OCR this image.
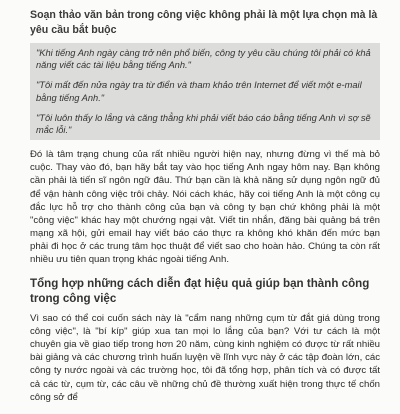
Soạn thảo văn bản trong công việc không phải là một lựa chọn mà là yêu cầu bắt buộc

"Khi tiếng Anh ngày càng trở nên phổ biến, công ty yêu cầu chúng tôi phải có khả năng viết các tài liệu bằng tiếng Anh."

"Tôi mất đến nửa ngày tra từ điển và tham khảo trên Internet để viết một e-mail bằng tiếng Anh."

"Tôi luôn thấy lo lắng và căng thẳng khi phải viết báo cáo bằng tiếng Anh vì sợ sẽ mắc lỗi."

Đó là tâm trạng chung của rất nhiều người hiện nay, nhưng đừng vì thế mà bỏ cuộc. Thay vào đó, bạn hãy bắt tay vào học tiếng Anh ngay hôm nay. Bạn không cần phải là tiến sĩ ngôn ngữ đâu. Thứ bạn cần là khả năng sử dụng ngôn ngữ đủ để vận hành công việc trôi chảy. Nói cách khác, hãy coi tiếng Anh là một công cụ đắc lực hỗ trợ cho thành công của bạn và công ty bạn chứ không phải là một "công việc" khác hay một chướng ngại vật. Viết tin nhắn, đăng bài quảng bá trên mạng xã hội, gửi email hay viết báo cáo thực ra không khó khăn đến mức bạn phải đi học ở các trung tâm học thuật để viết sao cho hoàn hảo. Chúng ta còn rất nhiều ưu tiên quan trọng khác ngoài tiếng Anh.

Tổng hợp những cách diễn đạt hiệu quả giúp bạn thành công trong công việc

Vì sao có thể coi cuốn sách này là "cẩm nang những cụm từ đắt giá dùng trong công việc", là "bí kíp" giúp xua tan mọi lo lắng của bạn? Với tư cách là một chuyên gia về giao tiếp trong hơn 20 năm, cùng kinh nghiệm có được từ rất nhiều bài giảng và các chương trình huấn luyện về lĩnh vực này ở các tập đoàn lớn, các công ty nước ngoài và các trường học, tôi đã tổng hợp, phân tích và có được tất cả các từ, cụm từ, các câu về những chủ đề thường xuất hiện trong thực tế chốn công sở để
